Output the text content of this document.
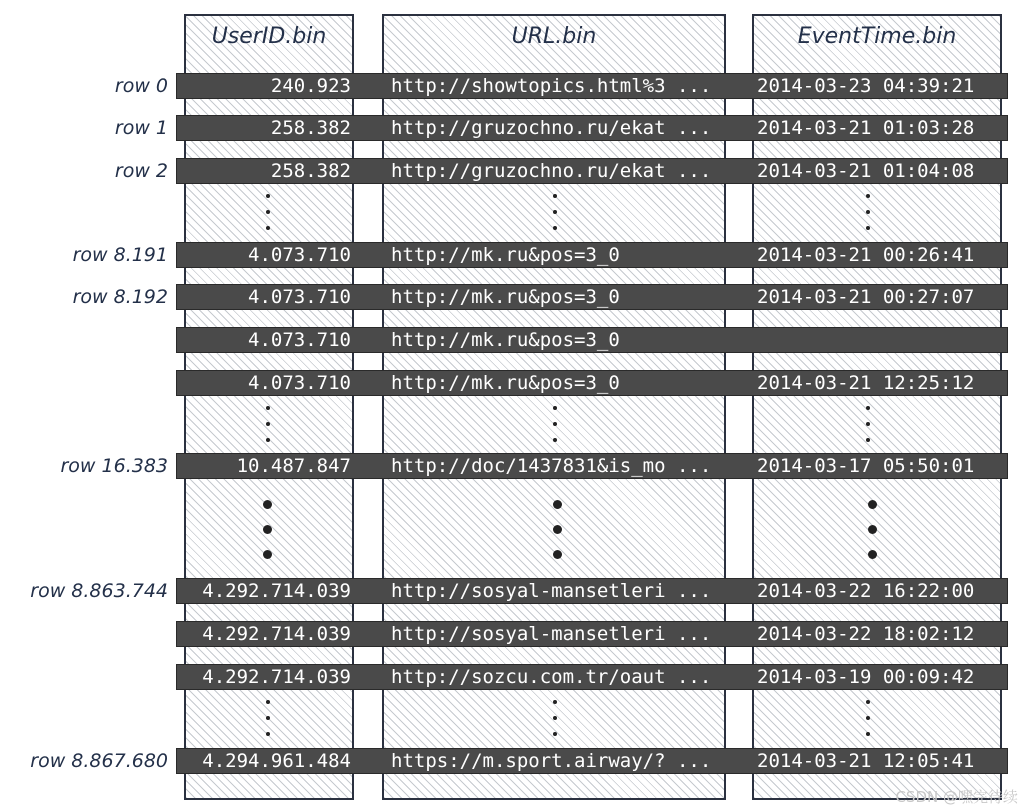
UserID.bin	URL.bin	EventTime.bin
row 0	240.923 http://showtopics.html%3 ...	2014-03-23 04:39:21
row 1	258.382 http://gruzochno.ru/ekat ...	2014-03-21 01:03:28
row 2	258.382 http://gruzochno.ru/ekat ...	2014-03-21 01:04:08
row 8.191	4.073.710 http://mk.ru&pos=3_0	2014-03-21 00:26:41
row 8.192	4.073.710 http://mk.ru&pos=3_0	2014-03-21 00:27:07
4.073.710 http://mk.ru&pos=3_0
4.073.710 http://mk.ru&pos=3_0	2014-03-21 12:25:12
row 16.383	10.487.847 http://doc/1437831&is_mo ...	2014-03-17 05:50:01
row 8.863.744	4.292.714.039 http://sosyal-mansetleri ...	2014-03-22 16:22:00
4.292.714.039 http://sosyal-mansetleri ...	2014-03-22 18:02:12
4.292.714.039 http://sozcu.com.tr/oaut ...	2014-03-19 00:09:42
row 8.867.680	4.294.961.484 https://m.sport.airway/? ...	2014-03-21 12:05:41
CSDN @嘿完待续
